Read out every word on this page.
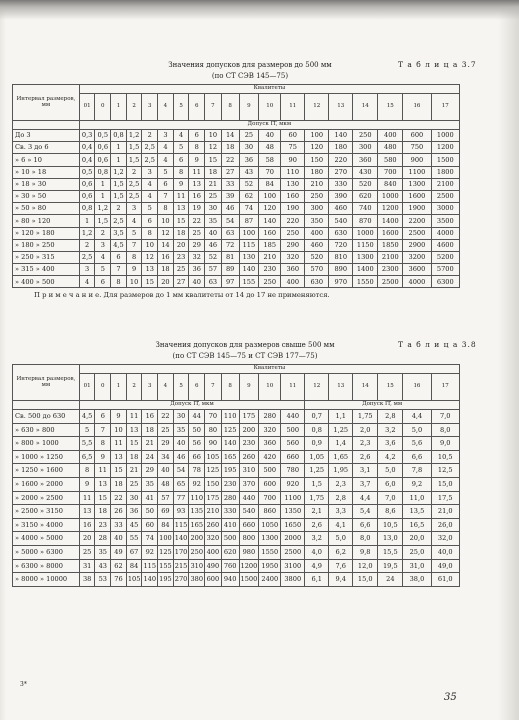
Т а б л и ц а 3.7
Значения допусков для размеров до 500 мм
(по СТ СЭВ 145—75)
Интервал размеров, мм	Квалитеты																		
	01	0	1	2	3	4	5	6	7	8	9	10	11	12	13	14	15	16	17
	Допуск IT, мкм																		
До 3	0,3	0,5	0,8	1,2	2	3	4	6	10	14	25	40	60	100	140	250	400	600	1000
Св. 3 до 6	0,4	0,6	1	1,5	2,5	4	5	8	12	18	30	48	75	120	180	300	480	750	1200
» 6 » 10	0,4	0,6	1	1,5	2,5	4	6	9	15	22	36	58	90	150	220	360	580	900	1500
» 10 » 18	0,5	0,8	1,2	2	3	5	8	11	18	27	43	70	110	180	270	430	700	1100	1800
» 18 » 30	0,6	1	1,5	2,5	4	6	9	13	21	33	52	84	130	210	330	520	840	1300	2100
» 30 » 50	0,6	1	1,5	2,5	4	7	11	16	25	39	62	100	160	250	390	620	1000	1600	2500
» 50 » 80	0,8	1,2	2	3	5	8	13	19	30	46	74	120	190	300	460	740	1200	1900	3000
» 80 » 120	1	1,5	2,5	4	6	10	15	22	35	54	87	140	220	350	540	870	1400	2200	3500
» 120 » 180	1,2	2	3,5	5	8	12	18	25	40	63	100	160	250	400	630	1000	1600	2500	4000
» 180 » 250	2	3	4,5	7	10	14	20	29	46	72	115	185	290	460	720	1150	1850	2900	4600
» 250 » 315	2,5	4	6	8	12	16	23	32	52	81	130	210	320	520	810	1300	2100	3200	5200
» 315 » 400	3	5	7	9	13	18	25	36	57	89	140	230	360	570	890	1400	2300	3600	5700
» 400 » 500	4	6	8	10	15	20	27	40	63	97	155	250	400	630	970	1550	2500	4000	6300
П р и м е ч а н и е. Для размеров до 1 мм квалитеты от 14 до 17 не применяются.
Т а б л и ц а 3.8
Значения допусков для размеров свыше 500 мм
(по СТ СЭВ 145—75 и СТ СЭВ 177—75)
Интервал размеров, мм	Квалитеты																		
	01	0	1	2	3	4	5	6	7	8	9	10	11	12	13	14	15	16	17
	Допуск IT, мкм													Допуск IT, мм					
Св. 500 до 630	4,5	6	9	11	16	22	30	44	70	110	175	280	440	0,7	1,1	1,75	2,8	4,4	7,0
» 630 » 800	5	7	10	13	18	25	35	50	80	125	200	320	500	0,8	1,25	2,0	3,2	5,0	8,0
» 800 » 1000	5,5	8	11	15	21	29	40	56	90	140	230	360	560	0,9	1,4	2,3	3,6	5,6	9,0
» 1000 » 1250	6,5	9	13	18	24	34	46	66	105	165	260	420	660	1,05	1,65	2,6	4,2	6,6	10,5
» 1250 » 1600	8	11	15	21	29	40	54	78	125	195	310	500	780	1,25	1,95	3,1	5,0	7,8	12,5
» 1600 » 2000	9	13	18	25	35	48	65	92	150	230	370	600	920	1,5	2,3	3,7	6,0	9,2	15,0
» 2000 » 2500	11	15	22	30	41	57	77	110	175	280	440	700	1100	1,75	2,8	4,4	7,0	11,0	17,5
» 2500 » 3150	13	18	26	36	50	69	93	135	210	330	540	860	1350	2,1	3,3	5,4	8,6	13,5	21,0
» 3150 » 4000	16	23	33	45	60	84	115	165	260	410	660	1050	1650	2,6	4,1	6,6	10,5	16,5	26,0
» 4000 » 5000	20	28	40	55	74	100	140	200	320	500	800	1300	2000	3,2	5,0	8,0	13,0	20,0	32,0
» 5000 » 6300	25	35	49	67	92	125	170	250	400	620	980	1550	2500	4,0	6,2	9,8	15,5	25,0	40,0
» 6300 » 8000	31	43	62	84	115	155	215	310	490	760	1200	1950	3100	4,9	7,6	12,0	19,5	31,0	49,0
» 8000 » 10000	38	53	76	105	140	195	270	380	600	940	1500	2400	3800	6,1	9,4	15,0	24	38,0	61,0
3*
35
